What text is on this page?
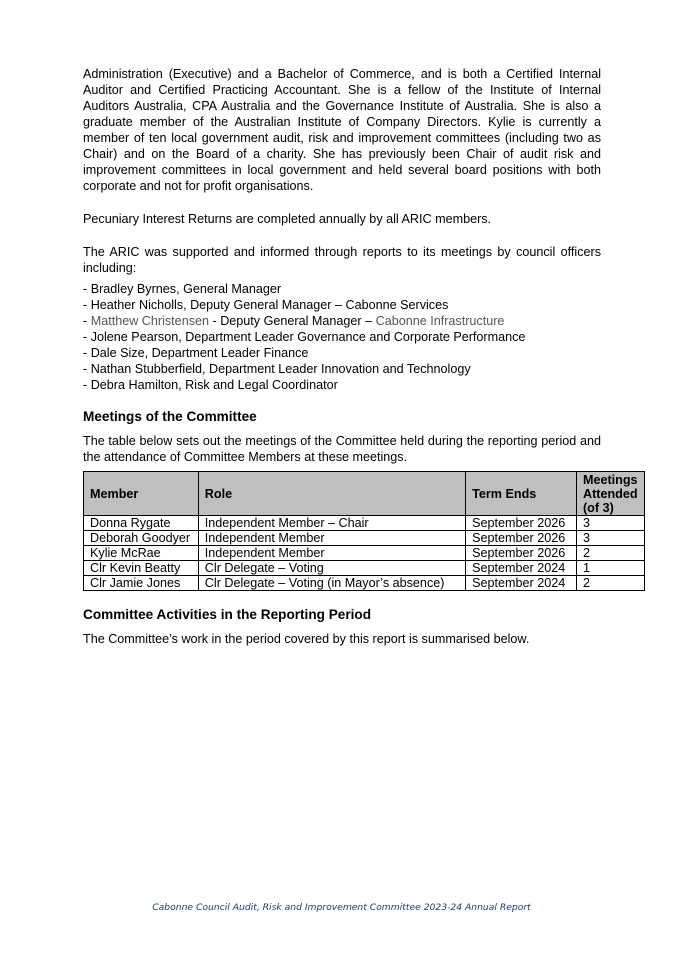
Administration (Executive) and a Bachelor of Commerce, and is both a Certified Internal Auditor and Certified Practicing Accountant. She is a fellow of the Institute of Internal Auditors Australia, CPA Australia and the Governance Institute of Australia. She is also a graduate member of the Australian Institute of Company Directors. Kylie is currently a member of ten local government audit, risk and improvement committees (including two as Chair) and on the Board of a charity. She has previously been Chair of audit risk and improvement committees in local government and held several board positions with both corporate and not for profit organisations.

Pecuniary Interest Returns are completed annually by all ARIC members.

The ARIC was supported and informed through reports to its meetings by council officers including:

- Bradley Byrnes, General Manager
- Heather Nicholls, Deputy General Manager – Cabonne Services
- Matthew Christensen - Deputy General Manager – Cabonne Infrastructure
- Jolene Pearson, Department Leader Governance and Corporate Performance
- Dale Size, Department Leader Finance
- Nathan Stubberfield, Department Leader Innovation and Technology
- Debra Hamilton, Risk and Legal Coordinator
Meetings of the Committee

The table below sets out the meetings of the Committee held during the reporting period and the attendance of Committee Members at these meetings.

Member	Role	Term Ends	Meetings Attended (of 3)
Donna Rygate	Independent Member – Chair	September 2026	3
Deborah Goodyer	Independent Member	September 2026	3
Kylie McRae	Independent Member	September 2026	2
Clr Kevin Beatty	Clr Delegate – Voting	September 2024	1
Clr Jamie Jones	Clr Delegate – Voting (in Mayor’s absence)	September 2024	2
Committee Activities in the Reporting Period

The Committee’s work in the period covered by this report is summarised below.

Cabonne Council Audit, Risk and Improvement Committee 2023-24 Annual Report
